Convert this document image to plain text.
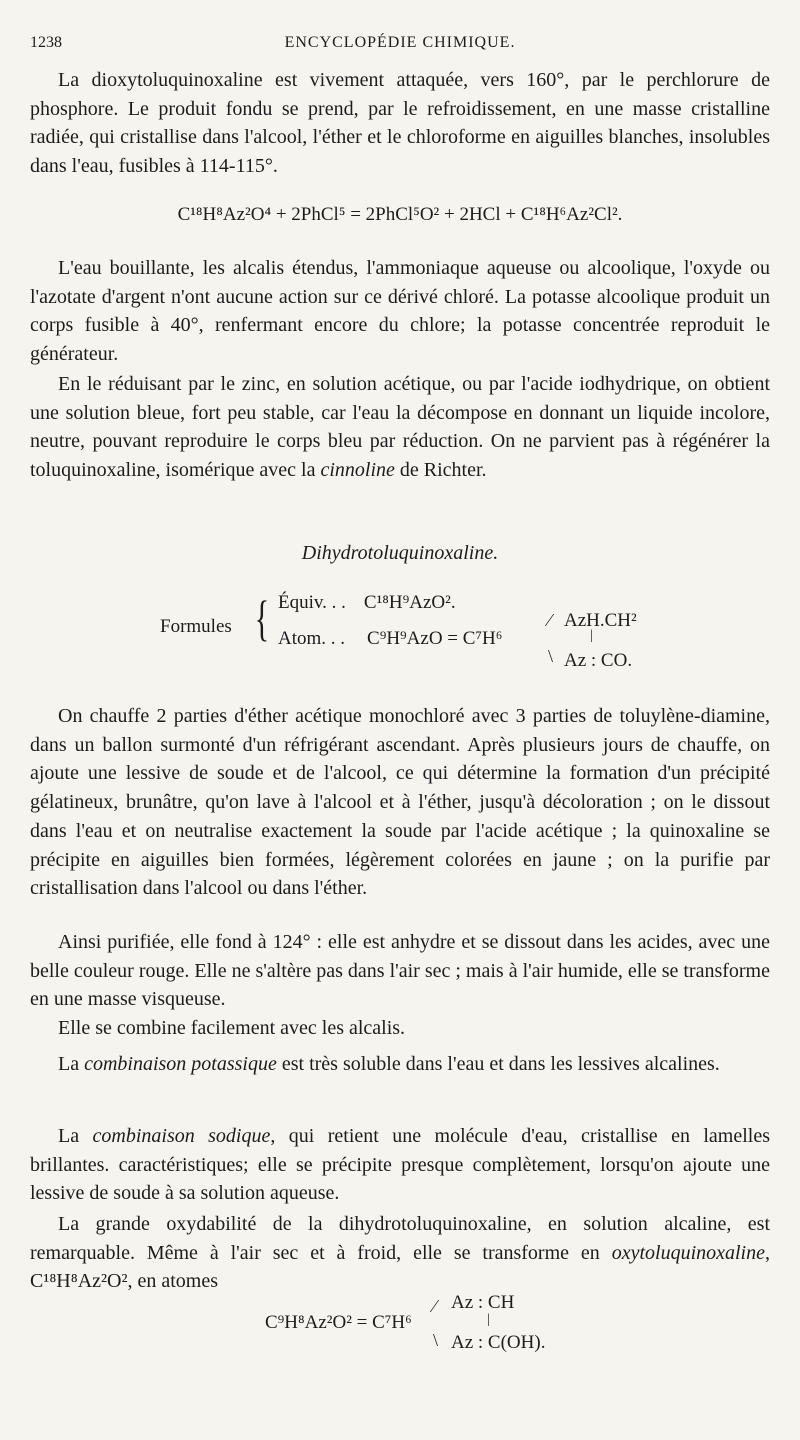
1238	ENCYCLOPÉDIE CHIMIQUE.

La dioxytoluquinoxaline est vivement attaquée, vers 160°, par le perchlorure de phosphore. Le produit fondu se prend, par le refroidissement, en une masse cristalline radiée, qui cristallise dans l'alcool, l'éther et le chloroforme en aiguilles blanches, insolubles dans l'eau, fusibles à 114-115°.

C¹⁸H⁸Az²O⁴ + 2PhCl⁵ = 2PhCl⁵O² + 2HCl + C¹⁸H⁶Az²Cl².

L'eau bouillante, les alcalis étendus, l'ammoniaque aqueuse ou alcoolique, l'oxyde ou l'azotate d'argent n'ont aucune action sur ce dérivé chloré. La potasse alcoolique produit un corps fusible à 40°, renfermant encore du chlore; la potasse concentrée reproduit le générateur.

En le réduisant par le zinc, en solution acétique, ou par l'acide iodhydrique, on obtient une solution bleue, fort peu stable, car l'eau la décompose en donnant un liquide incolore, neutre, pouvant reproduire le corps bleu par réduction. On ne parvient pas à régénérer la toluquinoxaline, isomérique avec la cinnoline de Richter.

Dihydrotoluquinoxaline.
Formules { Équiv. . . C¹⁸H⁹AzO².
Atom. . . C⁹H⁹AzO = C⁷H⁶
⁄
\
AzH.CH²
|
Az : CO.

On chauffe 2 parties d'éther acétique monochloré avec 3 parties de toluylène-diamine, dans un ballon surmonté d'un réfrigérant ascendant. Après plusieurs jours de chauffe, on ajoute une lessive de soude et de l'alcool, ce qui détermine la formation d'un précipité gélatineux, brunâtre, qu'on lave à l'alcool et à l'éther, jusqu'à décoloration ; on le dissout dans l'eau et on neutralise exactement la soude par l'acide acétique ; la quinoxaline se précipite en aiguilles bien formées, légèrement colorées en jaune ; on la purifie par cristallisation dans l'alcool ou dans l'éther.

Ainsi purifiée, elle fond à 124° : elle est anhydre et se dissout dans les acides, avec une belle couleur rouge. Elle ne s'altère pas dans l'air sec ; mais à l'air humide, elle se transforme en une masse visqueuse.

Elle se combine facilement avec les alcalis.

La combinaison potassique est très soluble dans l'eau et dans les lessives alcalines.

La combinaison sodique, qui retient une molécule d'eau, cristallise en lamelles brillantes. caractéristiques; elle se précipite presque complètement, lorsqu'on ajoute une lessive de soude à sa solution aqueuse.

La grande oxydabilité de la dihydrotoluquinoxaline, en solution alcaline, est remarquable. Même à l'air sec et à froid, elle se transforme en oxytoluquinoxaline, C¹⁸H⁸Az²O², en atomes

C⁹H⁸Az²O² = C⁷H⁶
⁄
\
Az : CH
|
Az : C(OH).
